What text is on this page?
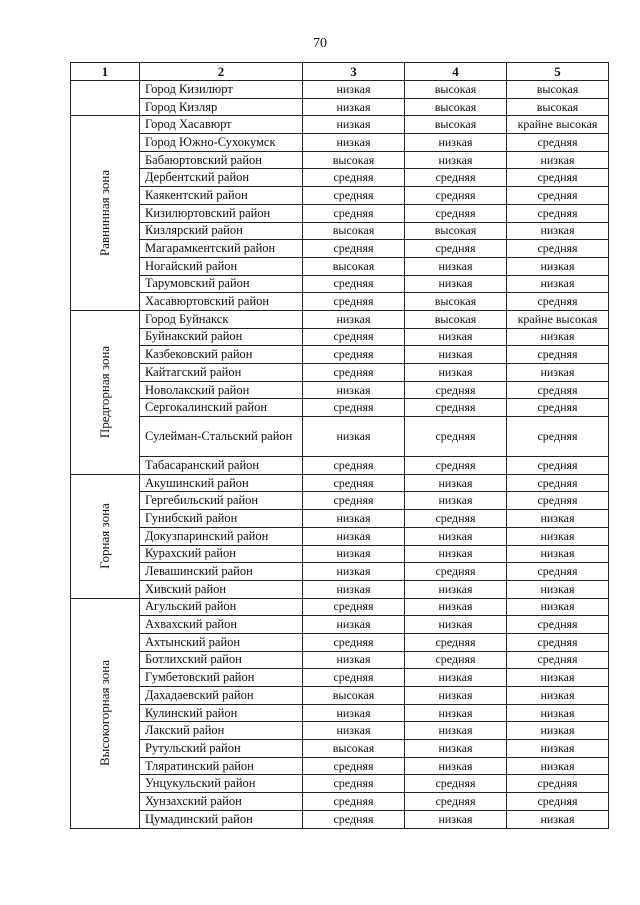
70
1	2	3	4	5

	Город Кизилюрт	низкая	высокая	высокая
	Город Кизляр	низкая	высокая	высокая

Равнинная зона	Город Хасавюрт	низкая	высокая	крайне высокая
	Город Южно-Сухокумск	низкая	низкая	средняя
	Бабаюртовский район	высокая	низкая	низкая
	Дербентский район	средняя	средняя	средняя
	Каякентский район	средняя	средняя	средняя
	Кизилюртовский район	средняя	средняя	средняя
	Кизлярский район	высокая	высокая	низкая
	Магарамкентский район	средняя	средняя	средняя
	Ногайский район	высокая	низкая	низкая
	Тарумовский район	средняя	низкая	низкая
	Хасавюртовский район	средняя	высокая	средняя

Предгорная зона	Город Буйнакск	низкая	высокая	крайне высокая
	Буйнакский район	средняя	низкая	низкая
	Казбековский район	средняя	низкая	средняя
	Кайтагский район	средняя	низкая	низкая
	Новолакский район	низкая	средняя	средняя
	Сергокалинский район	средняя	средняя	средняя
	Сулейман-Стальский район	низкая	средняя	средняя
	Табасаранский район	средняя	средняя	средняя

Горная зона	Акушинский район	средняя	низкая	средняя
	Гергебильский район	средняя	низкая	средняя
	Гунибский район	низкая	средняя	низкая
	Докузпаринский район	низкая	низкая	низкая
	Курахский район	низкая	низкая	низкая
	Левашинский район	низкая	средняя	средняя
	Хивский район	низкая	низкая	низкая

Высокогорная зона	Агульский район	средняя	низкая	низкая
	Ахвахский район	низкая	низкая	средняя
	Ахтынский район	средняя	средняя	средняя
	Ботлихский район	низкая	средняя	средняя
	Гумбетовский район	средняя	низкая	низкая
	Дахадаевский район	высокая	низкая	низкая
	Кулинский район	низкая	низкая	низкая
	Лакский район	низкая	низкая	низкая
	Рутульский район	высокая	низкая	низкая
	Тляратинский район	средняя	низкая	низкая
	Унцукульский район	средняя	средняя	средняя
	Хунзахский район	средняя	средняя	средняя
	Цумадинский район	средняя	низкая	низкая
